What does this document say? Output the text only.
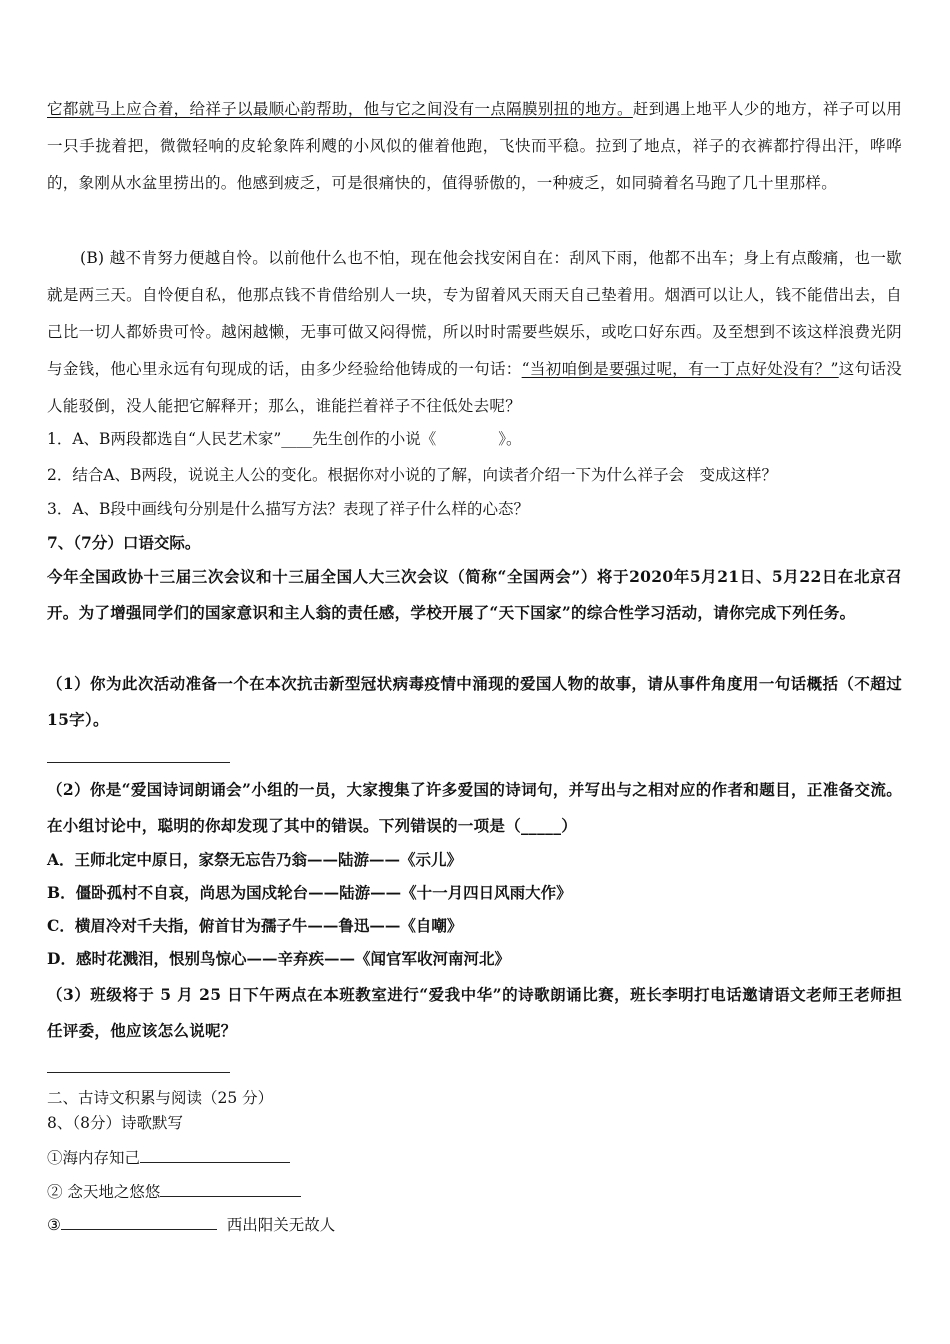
它都就马上应合着，给祥子以最顺心韵帮助，他与它之间没有一点隔膜别扭的地方。赶到遇上地平人少的地方，祥子可以用一只手拢着把，微微轻响的皮轮象阵利飕的小风似的催着他跑，飞快而平稳。拉到了地点，祥子的衣裤都拧得出汗，哗哗的，象刚从水盆里捞出的。他感到疲乏，可是很痛快的，值得骄傲的，一种疲乏，如同骑着名马跑了几十里那样。
(B) 越不肯努力便越自怜。以前他什么也不怕，现在他会找安闲自在：刮风下雨，他都不出车；身上有点酸痛，也一歇就是两三天。自怜便自私，他那点钱不肯借给别人一块，专为留着风天雨天自己垫着用。烟酒可以让人，钱不能借出去，自己比一切人都娇贵可怜。越闲越懒，无事可做又闷得慌，所以时时需要些娱乐，或吃口好东西。及至想到不该这样浪费光阴与金钱，他心里永远有句现成的话，由多少经验给他铸成的一句话：“当初咱倒是要强过呢，有一丁点好处没有？”这句话没人能驳倒，没人能把它解释开；那么，谁能拦着祥子不往低处去呢？
1．A、B两段都选自“人民艺术家”____先生创作的小说《　　　　》。
2．结合A、B两段，说说主人公的变化。根据你对小说的了解，向读者介绍一下为什么祥子会　变成这样？
3．A、B段中画线句分别是什么描写方法？表现了祥子什么样的心态？
7、（7分）口语交际。
今年全国政协十三届三次会议和十三届全国人大三次会议（简称“全国两会”）将于2020年5月21日、5月22日在北京召开。为了增强同学们的国家意识和主人翁的责任感，学校开展了“天下国家”的综合性学习活动，请你完成下列任务。
（1）你为此次活动准备一个在本次抗击新型冠状病毒疫情中涌现的爱国人物的故事，请从事件角度用一句话概括（不超过15字）。
（2）你是“爱国诗词朗诵会”小组的一员，大家搜集了许多爱国的诗词句，并写出与之相对应的作者和题目，正准备交流。在小组讨论中，聪明的你却发现了其中的错误。下列错误的一项是（_____）
A．王师北定中原日，家祭无忘告乃翁——陆游——《示儿》
B．僵卧孤村不自哀，尚思为国戍轮台——陆游——《十一月四日风雨大作》
C．横眉冷对千夫指，俯首甘为孺子牛——鲁迅——《自嘲》
D．感时花溅泪，恨别鸟惊心——辛弃疾——《闻官军收河南河北》
（3）班级将于 5 月 25 日下午两点在本班教室进行“爱我中华”的诗歌朗诵比赛，班长李明打电话邀请语文老师王老师担任评委，他应该怎么说呢？
二、古诗文积累与阅读（25 分）
8、（8分）诗歌默写
①海内存知己
② 念天地之悠悠
③	西出阳关无故人
